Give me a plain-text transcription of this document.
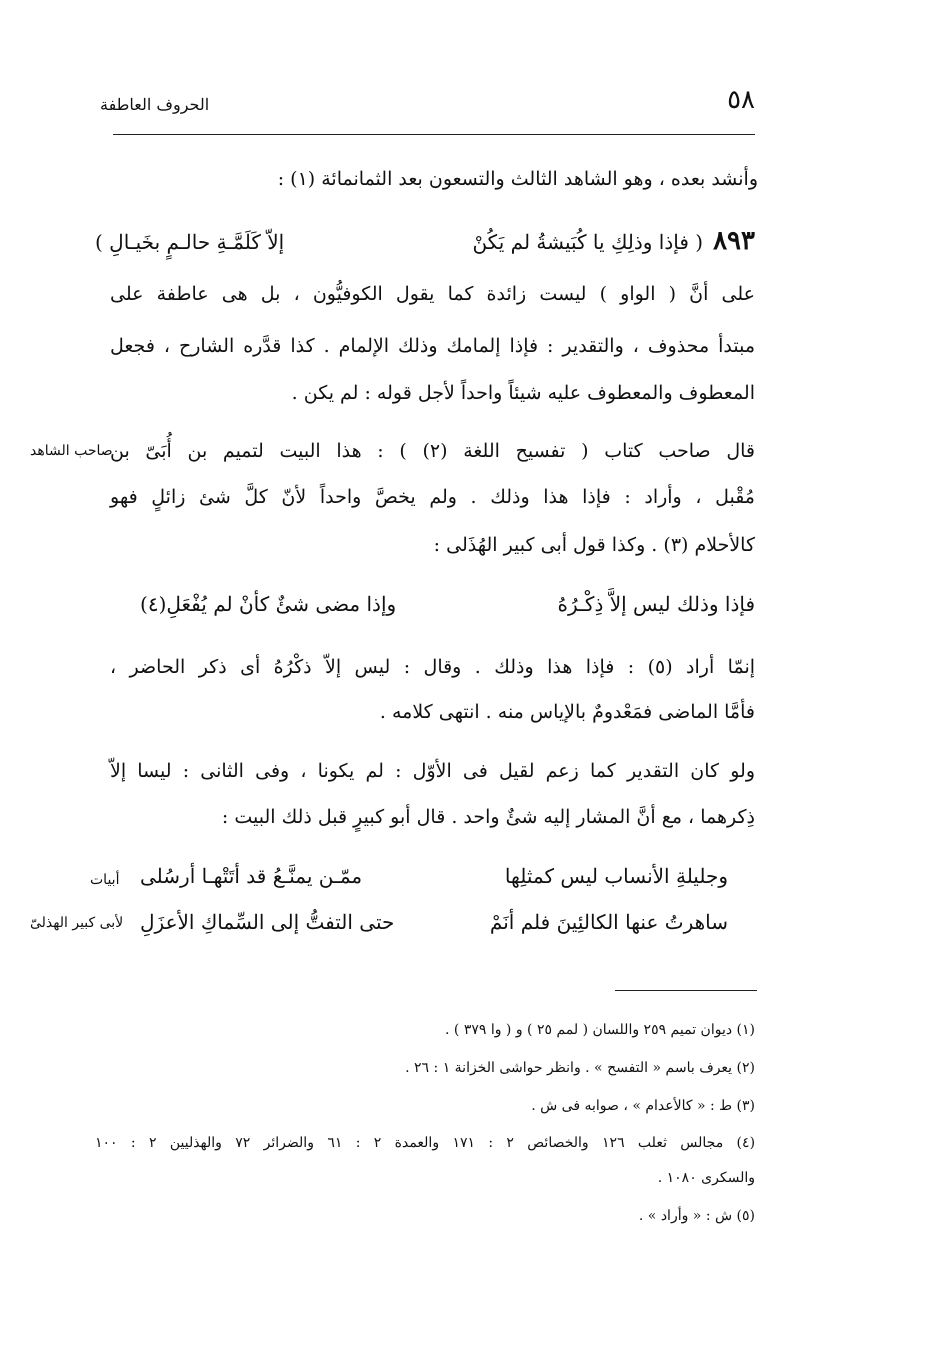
٥٨
الحروف العاطفة
وأنشد بعده ، وهو الشاهد الثالث والتسعون بعد الثمانمائة (١) :
٨٩٣( فإذا وذلِكِ يا كُبَيشةُ لم يَكُنْ
إلاّ كَلَمَّـةِ حالـمٍ بخَيـالِ )
على أنَّ ( الواو ) ليست زائدة كما يقول الكوفيُّون ، بل هى عاطفة على
مبتدأ محذوف ، والتقدير : فإذا إلمامك وذلك الإلمام . كذا قدَّره الشارح ، فجعل
المعطوف والمعطوف عليه شيئاً واحداً لأجل قوله : لم يكن .
صاحب الشاهد
قال صاحب كتاب ( تفسيح اللغة (٢) ) : هذا البيت لتميم بن أُبَىّ بن
مُقْبل ، وأراد : فإذا هذا وذلك . ولم يخصَّ واحداً لأنّ كلَّ شئ زائلٍ فهو
كالأحلام (٣) . وكذا قول أبى كبير الهُذَلى :
فإذا وذلك ليس إلاَّ ذِكْـرُهُ
وإذا مضى شئٌ كأنْ لم يُفْعَلِ(٤)
إنمّا أراد (٥) : فإذا هذا وذلك . وقال : ليس إلاّ ذكْرُهُ أى ذكر الحاضر ،
فأمَّا الماضى فمَعْدومٌ بالإياس منه . انتهى كلامه .
ولو كان التقدير كما زعم لقيل فى الأوّل : لم يكونا ، وفى الثانى : ليسا إلاّ
ذِكرهما ، مع أنَّ المشار إليه شئٌ واحد . قال أبو كبيرٍ قبل ذلك البيت :
أبيات
لأبى كبير الهذلىّ
وجليلةِ الأنساب ليس كمثلِها
ممّـن يمنَّـعُ قد أتَتْهـا أرسُلى
ساهرتُ عنها الكالئِينَ فلم أنَمْ
حتى التفتُّ إلى السِّماكِ الأعزَلِ
(١) ديوان تميم ٢٥٩ واللسان ( لمم ٢٥ ) و ( وا ٣٧٩ ) .
(٢) يعرف باسم « التفسح » . وانظر حواشى الخزانة ١ : ٢٦ .
(٣) ط : « كالأعدام » ، صوابه فى ش .
(٤) مجالس ثعلب ١٢٦ والخصائص ٢ : ١٧١ والعمدة ٢ : ٦١ والضرائر ٧٢ والهذليين ٢ : ١٠٠
والسكرى ١٠٨٠ .
(٥) ش : « وأراد » .
